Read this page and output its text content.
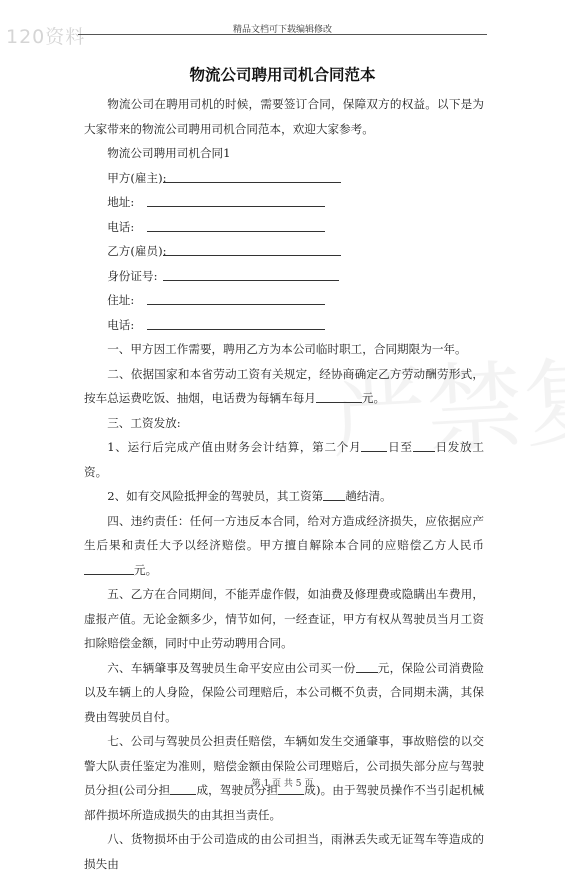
120资料	精品文档可下载编辑修改
物流公司聘用司机合同范本

物流公司在聘用司机的时候，需要签订合同，保障双方的权益。以下是为大家带来的物流公司聘用司机合同范本，欢迎大家参考。

物流公司聘用司机合同1

甲方(雇主):

地址:

电话:

乙方(雇员):

身份证号:

住址:

电话:

一、甲方因工作需要，聘用乙方为本公司临时职工，合同期限为一年。

二、依据国家和本省劳动工资有关规定，经协商确定乙方劳动酬劳形式，按车总运费吃饭、抽烟，电话费为每辆车每月	元。

三、工资发放:

1、运行后完成产值由财务会计结算，第二个月 日至 日发放工资。

2、如有交风险抵押金的驾驶员，其工资第 趟结清。

四、违约责任：任何一方违反本合同，给对方造成经济损失，应依据应产生后果和责任大予以经济赔偿。甲方擅自解除本合同的应赔偿乙方人民币元。

五、乙方在合同期间，不能弄虚作假，如油费及修理费或隐瞒出车费用，虚报产值。无论金额多少，情节如何，一经查证，甲方有权从驾驶员当月工资扣除赔偿金额，同时中止劳动聘用合同。

六、车辆肇事及驾驶员生命平安应由公司买一份 元，保险公司消费险以及车辆上的人身险，保险公司理赔后，本公司概不负责，合同期未满，其保费由驾驶员自付。

七、公司与驾驶员公担责任赔偿，车辆如发生交通肇事，事故赔偿的以交警大队责任鉴定为准则，赔偿金额由保险公司理赔后，公司损失部分应与驾驶员分担(公司分担 成，驾驶员分担 成)。由于驾驶员操作不当引起机械部件损坏所造成损失的由其担当责任。

八、货物损坏由于公司造成的由公司担当，雨淋丢失或无证驾车等造成的损失由

第 1 页 共 5 页
